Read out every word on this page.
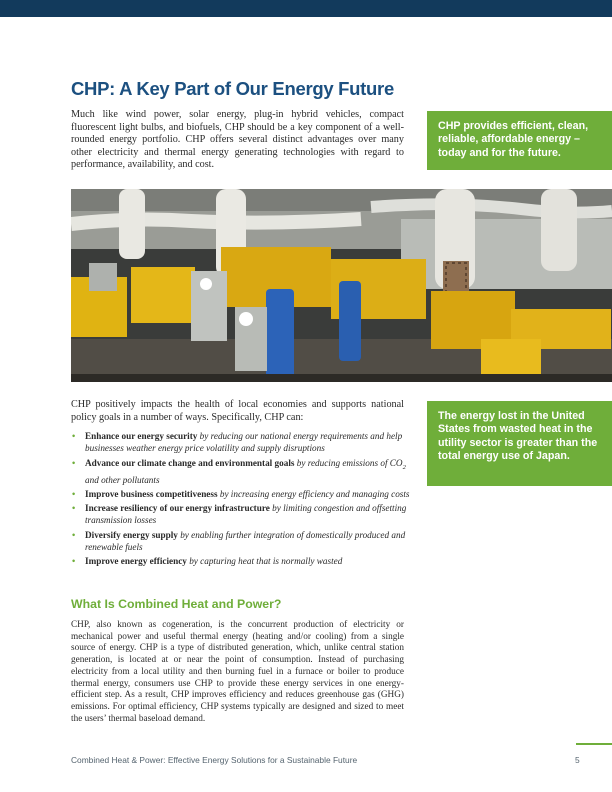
CHP: A Key Part of Our Energy Future

Much like wind power, solar energy, plug-in hybrid vehicles, compact fluorescent light bulbs, and biofuels, CHP should be a key component of a well-rounded energy portfolio. CHP offers several distinct advantages over many other electricity and thermal energy generating technologies with regard to performance, availability, and cost.

CHP provides efficient, clean, reliable, affordable energy – today and for the future.

CHP positively impacts the health of local economies and supports national policy goals in a number of ways. Specifically, CHP can:

• Enhance our energy security by reducing our national energy requirements and help businesses weather energy price volatility and supply disruptions
• Advance our climate change and environmental goals by reducing emissions of $CO_2$ and other pollutants
• Improve business competitiveness by increasing energy efficiency and managing costs
• Increase resiliency of our energy infrastructure by limiting congestion and offsetting transmission losses
• Diversify energy supply by enabling further integration of domestically produced and renewable fuels
• Improve energy efficiency by capturing heat that is normally wasted
The energy lost in the United States from wasted heat in the utility sector is greater than the total energy use of Japan.
What Is Combined Heat and Power?

CHP, also known as cogeneration, is the concurrent production of electricity or mechanical power and useful thermal energy (heating and/or cooling) from a single source of energy. CHP is a type of distributed generation, which, unlike central station generation, is located at or near the point of consumption. Instead of purchasing electricity from a local utility and then burning fuel in a furnace or boiler to produce thermal energy, consumers use CHP to provide these energy services in one energy-efficient step. As a result, CHP improves efficiency and reduces greenhouse gas (GHG) emissions. For optimal efficiency, CHP systems typically are designed and sized to meet the users’ thermal baseload demand.

Combined Heat & Power: Effective Energy Solutions for a Sustainable Future	5
